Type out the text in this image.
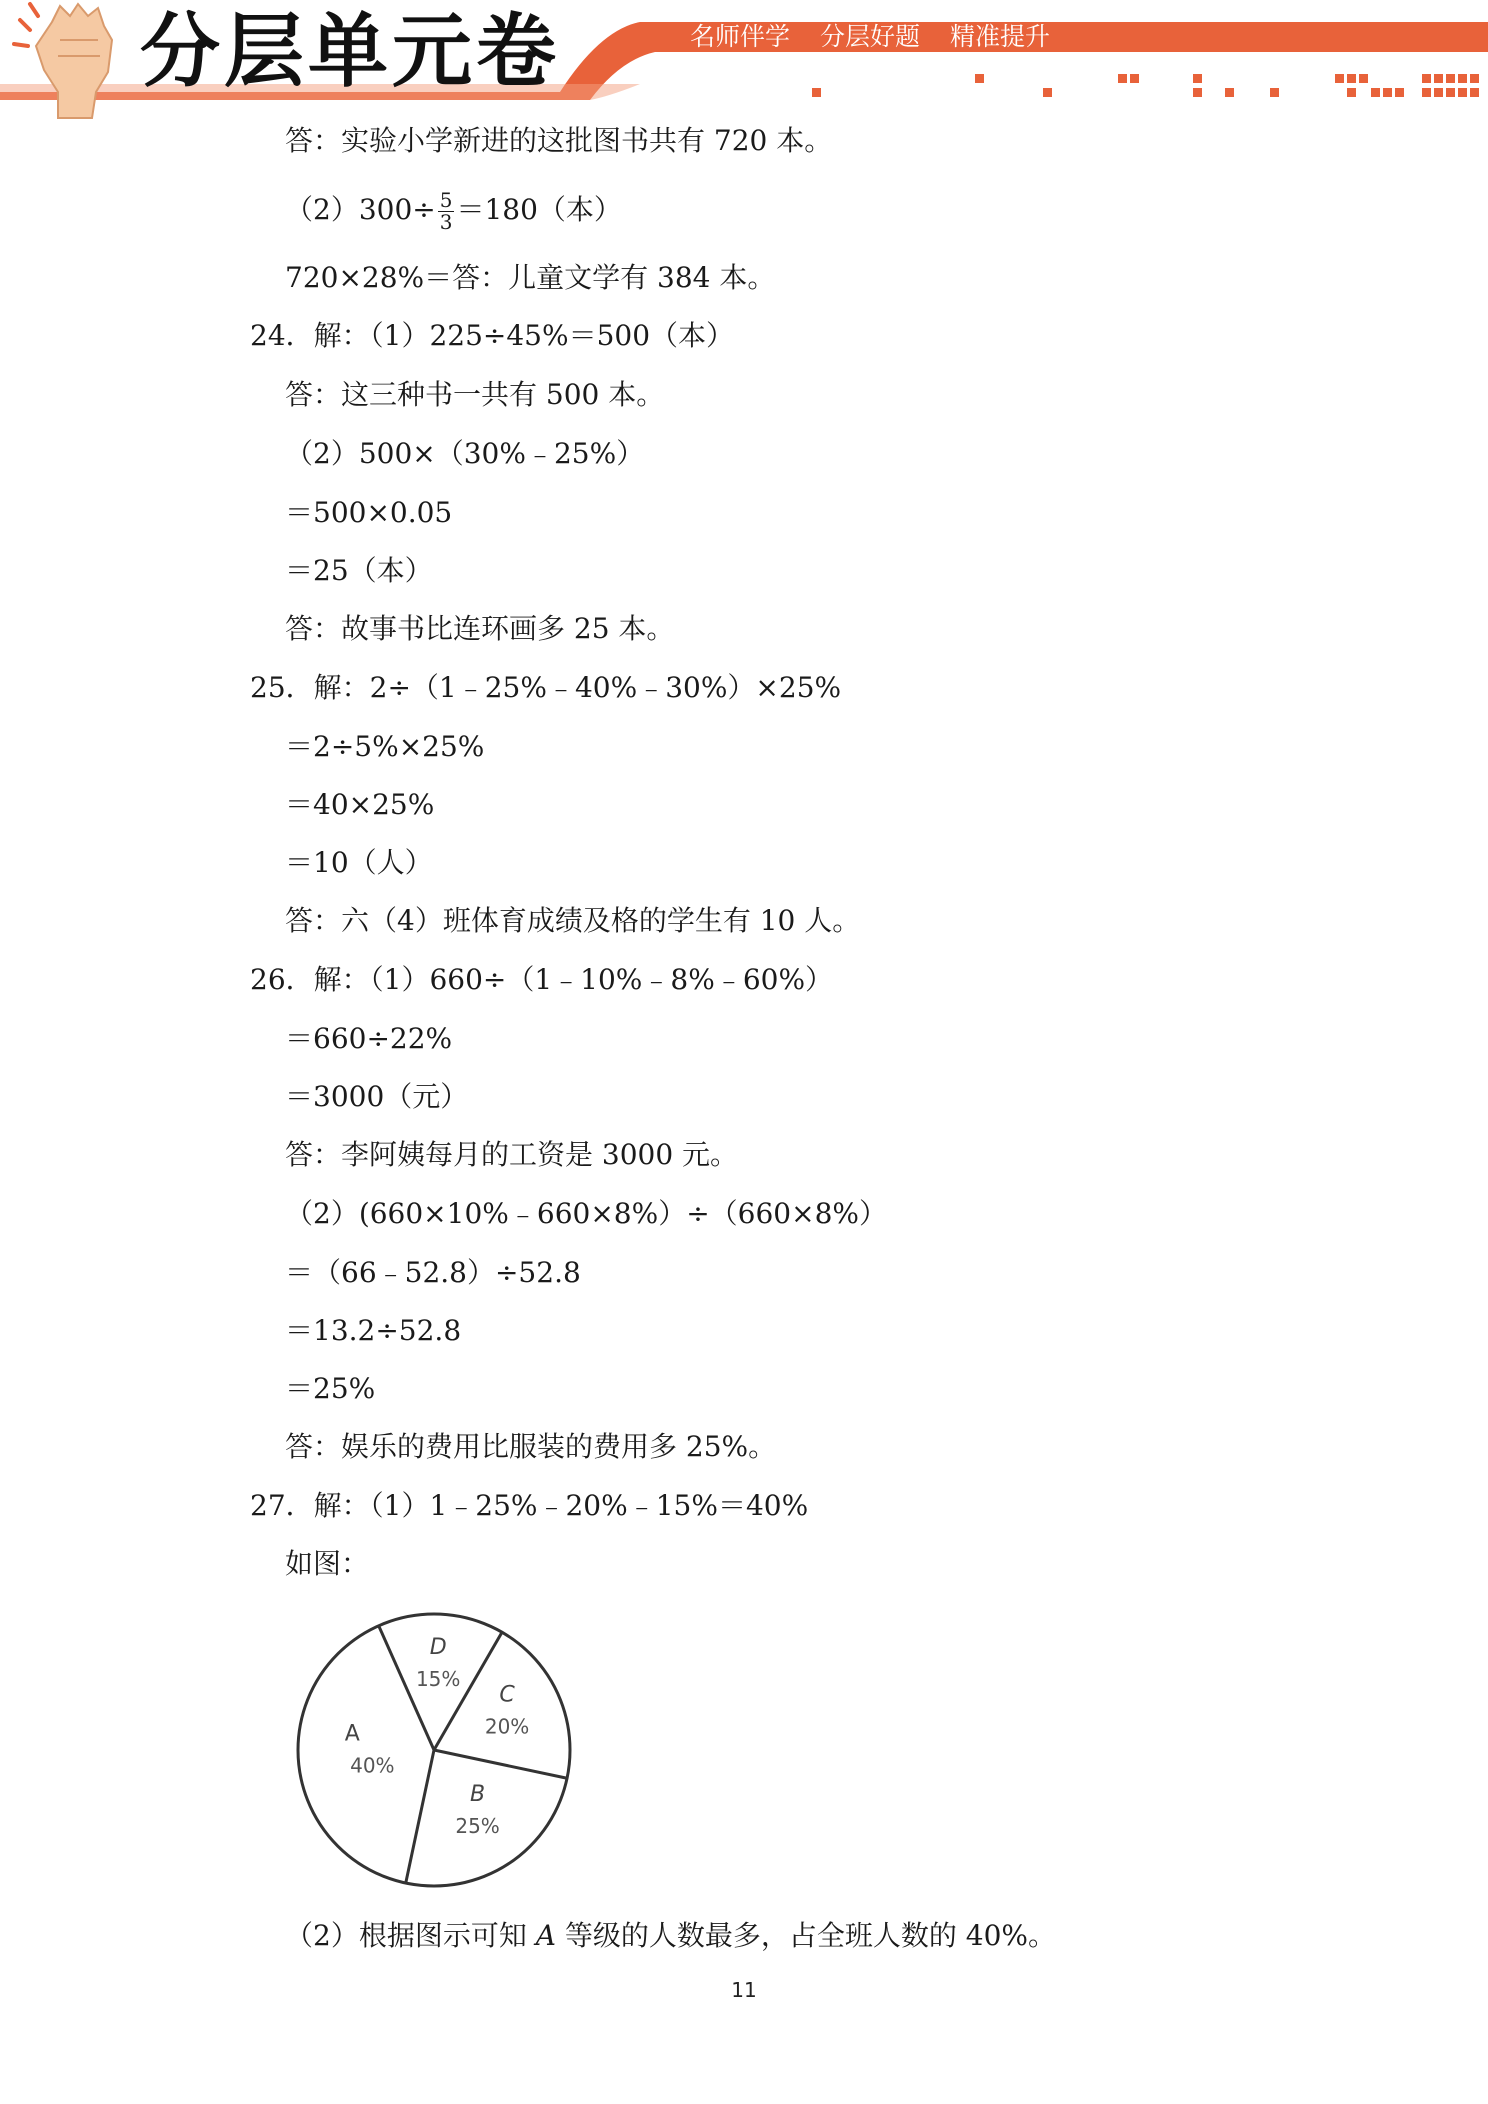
分层单元卷	名师伴学 分层好题 精准提升
答：实验小学新进的这批图书共有 720 本。
$(2)300\div \frac{5}{3} =180$（本）
720×28%＝答：儿童文学有 384 本。
24．解：（1）225÷45%＝500（本）
答：这三种书一共有 500 本。
（2）500×（30%﹣25%）
＝500×0.05
＝25（本）
答：故事书比连环画多 25 本。
25．解：2÷（1﹣25%﹣40%﹣30%）×25%
＝2÷5%×25%
＝40×25%
＝10（人）
答：六（4）班体育成绩及格的学生有 10 人。
26．解：（1）660÷（1﹣10%﹣8%﹣60%）
＝660÷22%
＝3000（元）
答：李阿姨每月的工资是 3000 元。
（2）(660×10%﹣660×8%）÷（660×8%）
＝（66﹣52.8）÷52.8
＝13.2÷52.8
＝25%
答：娱乐的费用比服装的费用多 25%。
27．解：（1）1﹣25%﹣20%﹣15%＝40%
如图：
C
20%
B
25%
A
40%
D
15%
（2）根据图示可知 A 等级的人数最多，占全班人数的 40%。
11
